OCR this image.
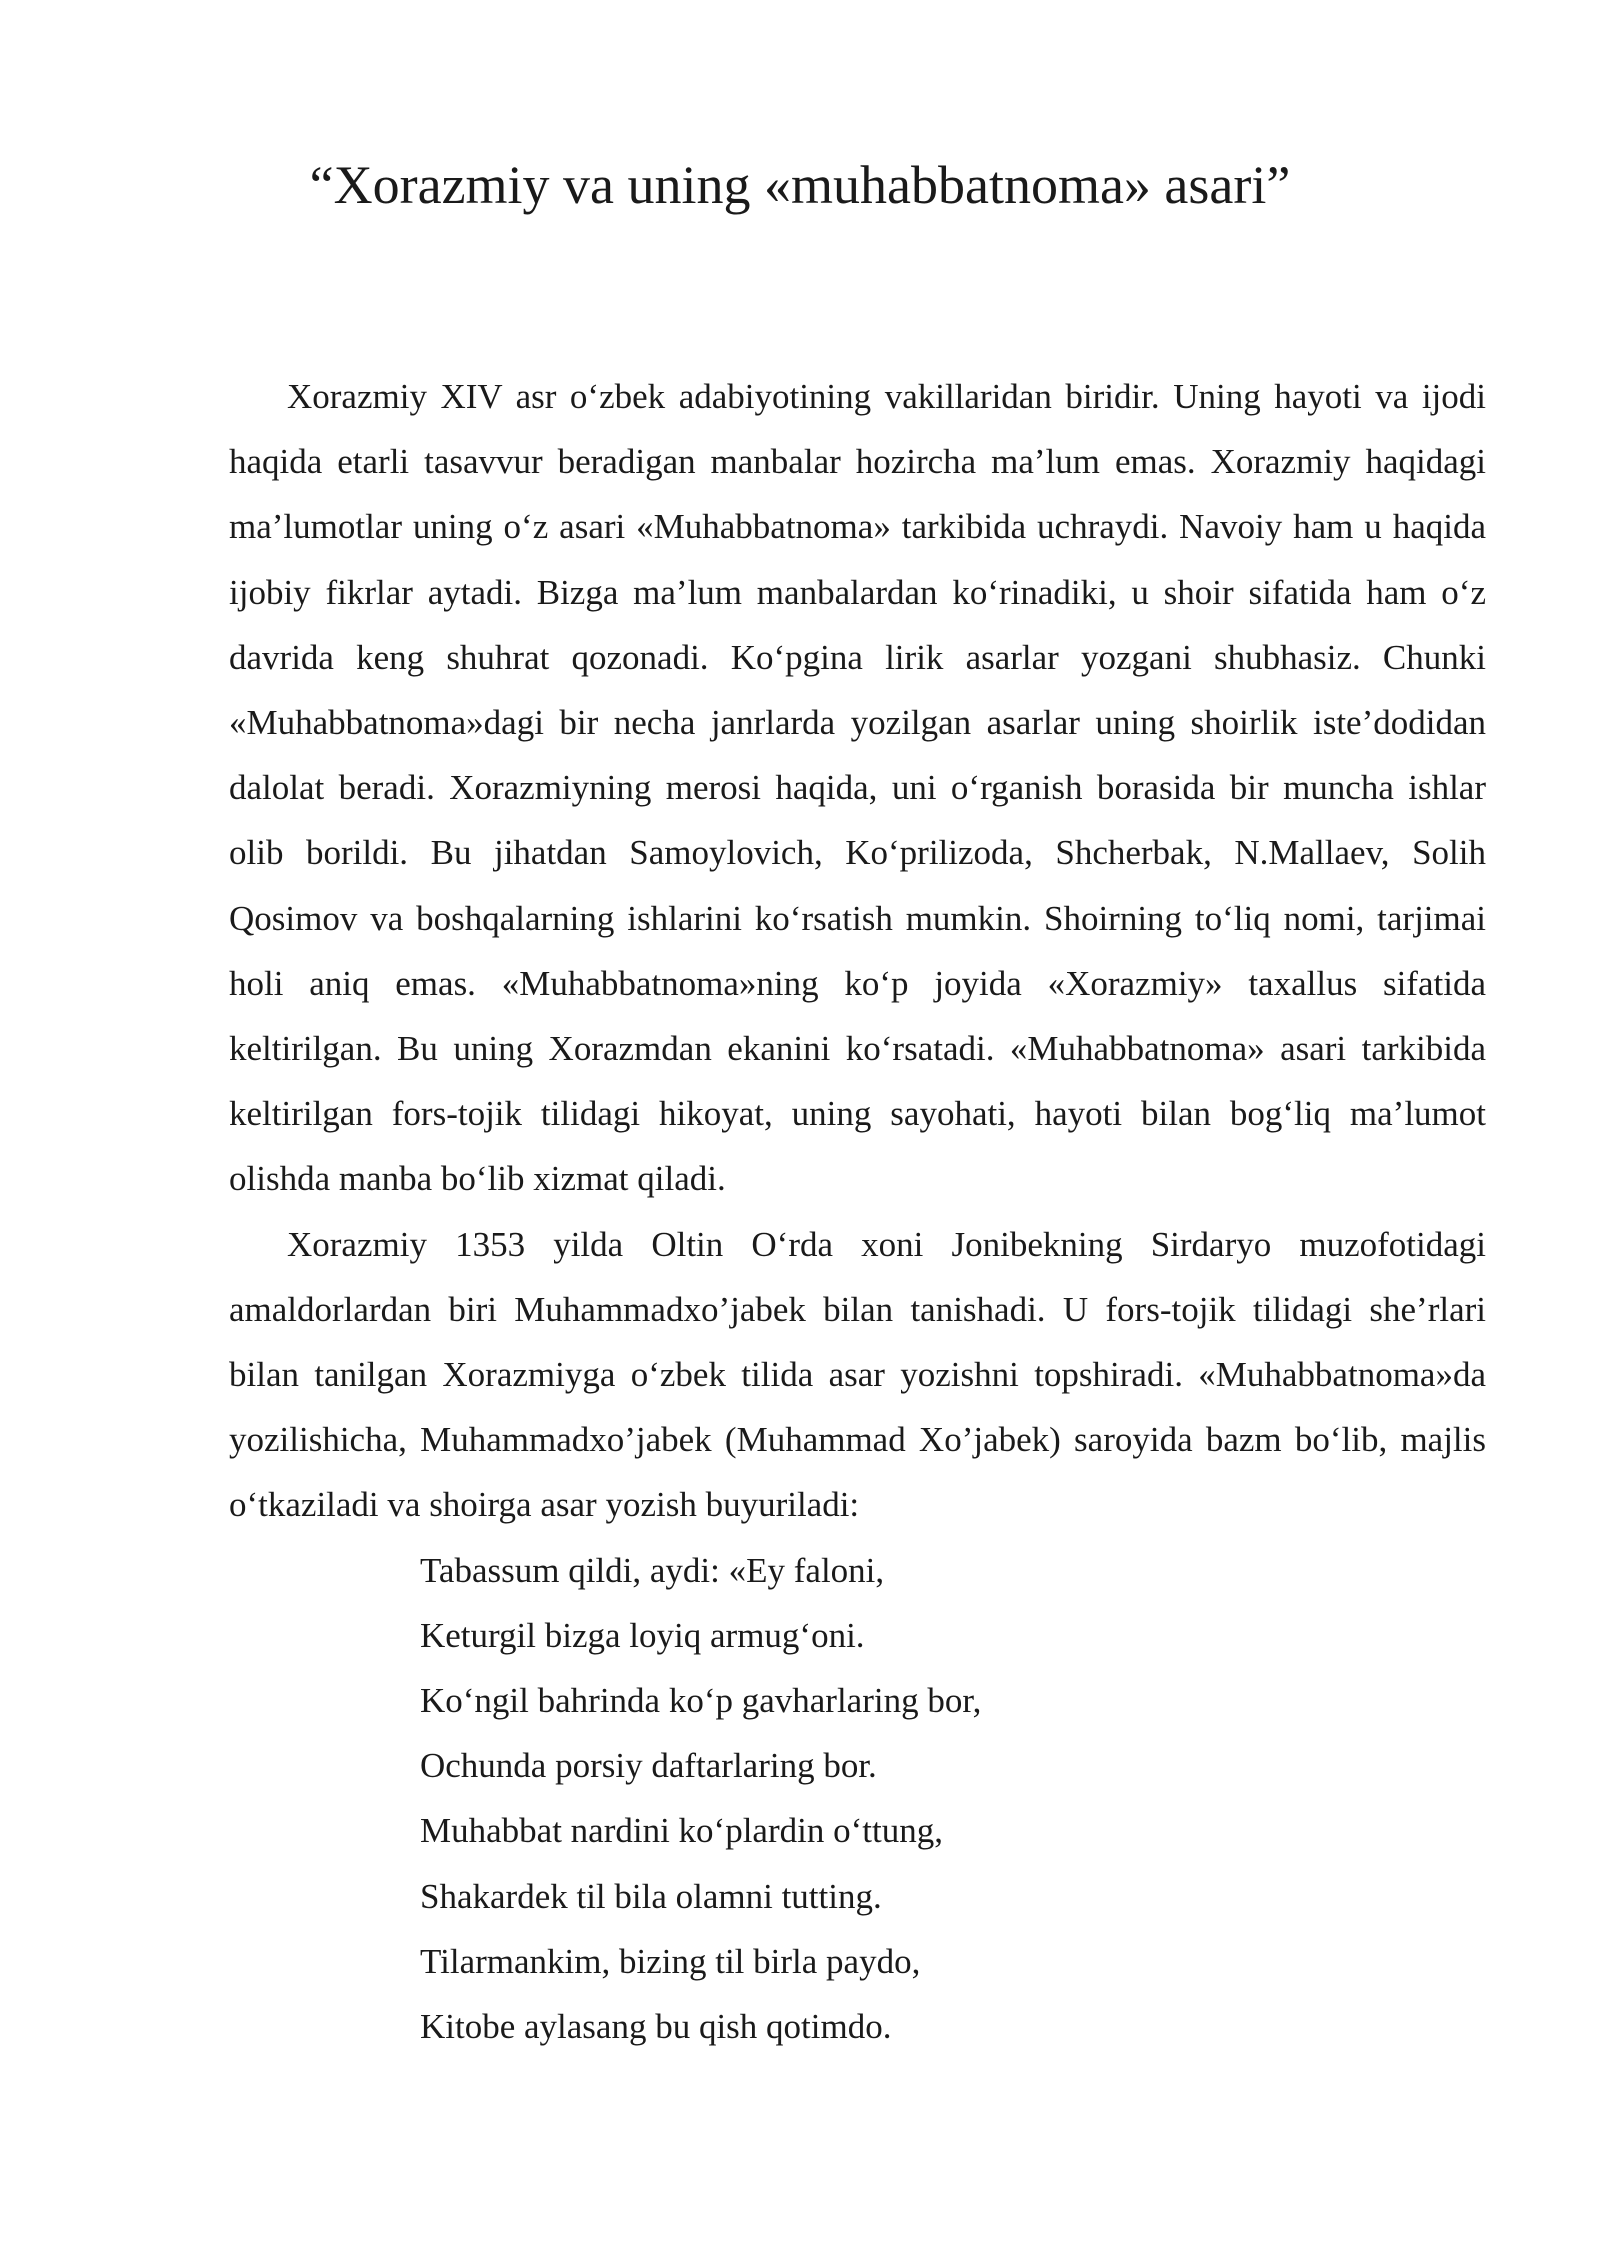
“Xorazmiy va uning «muhabbatnoma» asari”

Xorazmiy XIV asr o‘zbek adabiyotining vakillaridan biridir. Uning hayoti va ijodi haqida etarli tasavvur beradigan manbalar hozircha ma’lum emas. Xorazmiy haqidagi ma’lumotlar uning o‘z asari «Muhabbatnoma» tarkibida uchraydi. Navoiy ham u haqida ijobiy fikrlar aytadi. Bizga ma’lum manbalardan ko‘rinadiki, u shoir sifatida ham o‘z davrida keng shuhrat qozonadi. Ko‘pgina lirik asarlar yozgani shubhasiz. Chunki «Muhabbatnoma»dagi bir necha janrlarda yozilgan asarlar uning shoirlik iste’dodidan dalolat beradi. Xorazmiyning merosi haqida, uni o‘rganish borasida bir muncha ishlar olib borildi. Bu jihatdan Samoylovich, Ko‘prilizoda, Shcherbak, N.Mallaev, Solih Qosimov va boshqalarning ishlarini ko‘rsatish mumkin. Shoirning to‘liq nomi, tarjimai holi aniq emas. «Muhabbatnoma»ning ko‘p joyida «Xorazmiy» taxallus sifatida keltirilgan. Bu uning Xorazmdan ekanini ko‘rsatadi. «Muhabbatnoma» asari tarkibida keltirilgan fors-tojik tilidagi hikoyat, uning sayohati, hayoti bilan bog‘liq ma’lumot olishda manba bo‘lib xizmat qiladi.

Xorazmiy 1353 yilda Oltin O‘rda xoni Jonibekning Sirdaryo muzofotidagi amaldorlardan biri Muhammadxo’jabek bilan tanishadi. U fors-tojik tilidagi she’rlari bilan tanilgan Xorazmiyga o‘zbek tilida asar yozishni topshiradi. «Muhabbatnoma»da yozilishicha, Muhammadxo’jabek (Muhammad Xo’jabek) saroyida bazm bo‘lib, majlis o‘tkaziladi va shoirga asar yozish buyuriladi:

Tabassum qildi, aydi: «Ey faloni,
Keturgil bizga loyiq armug‘oni.
Ko‘ngil bahrinda ko‘p gavharlaring bor,
Ochunda porsiy daftarlaring bor.
Muhabbat nardini ko‘plardin o‘ttung,
Shakardek til bila olamni tutting.
Tilarmankim, bizing til birla paydo,
Kitobe aylasang bu qish qotimdo.
